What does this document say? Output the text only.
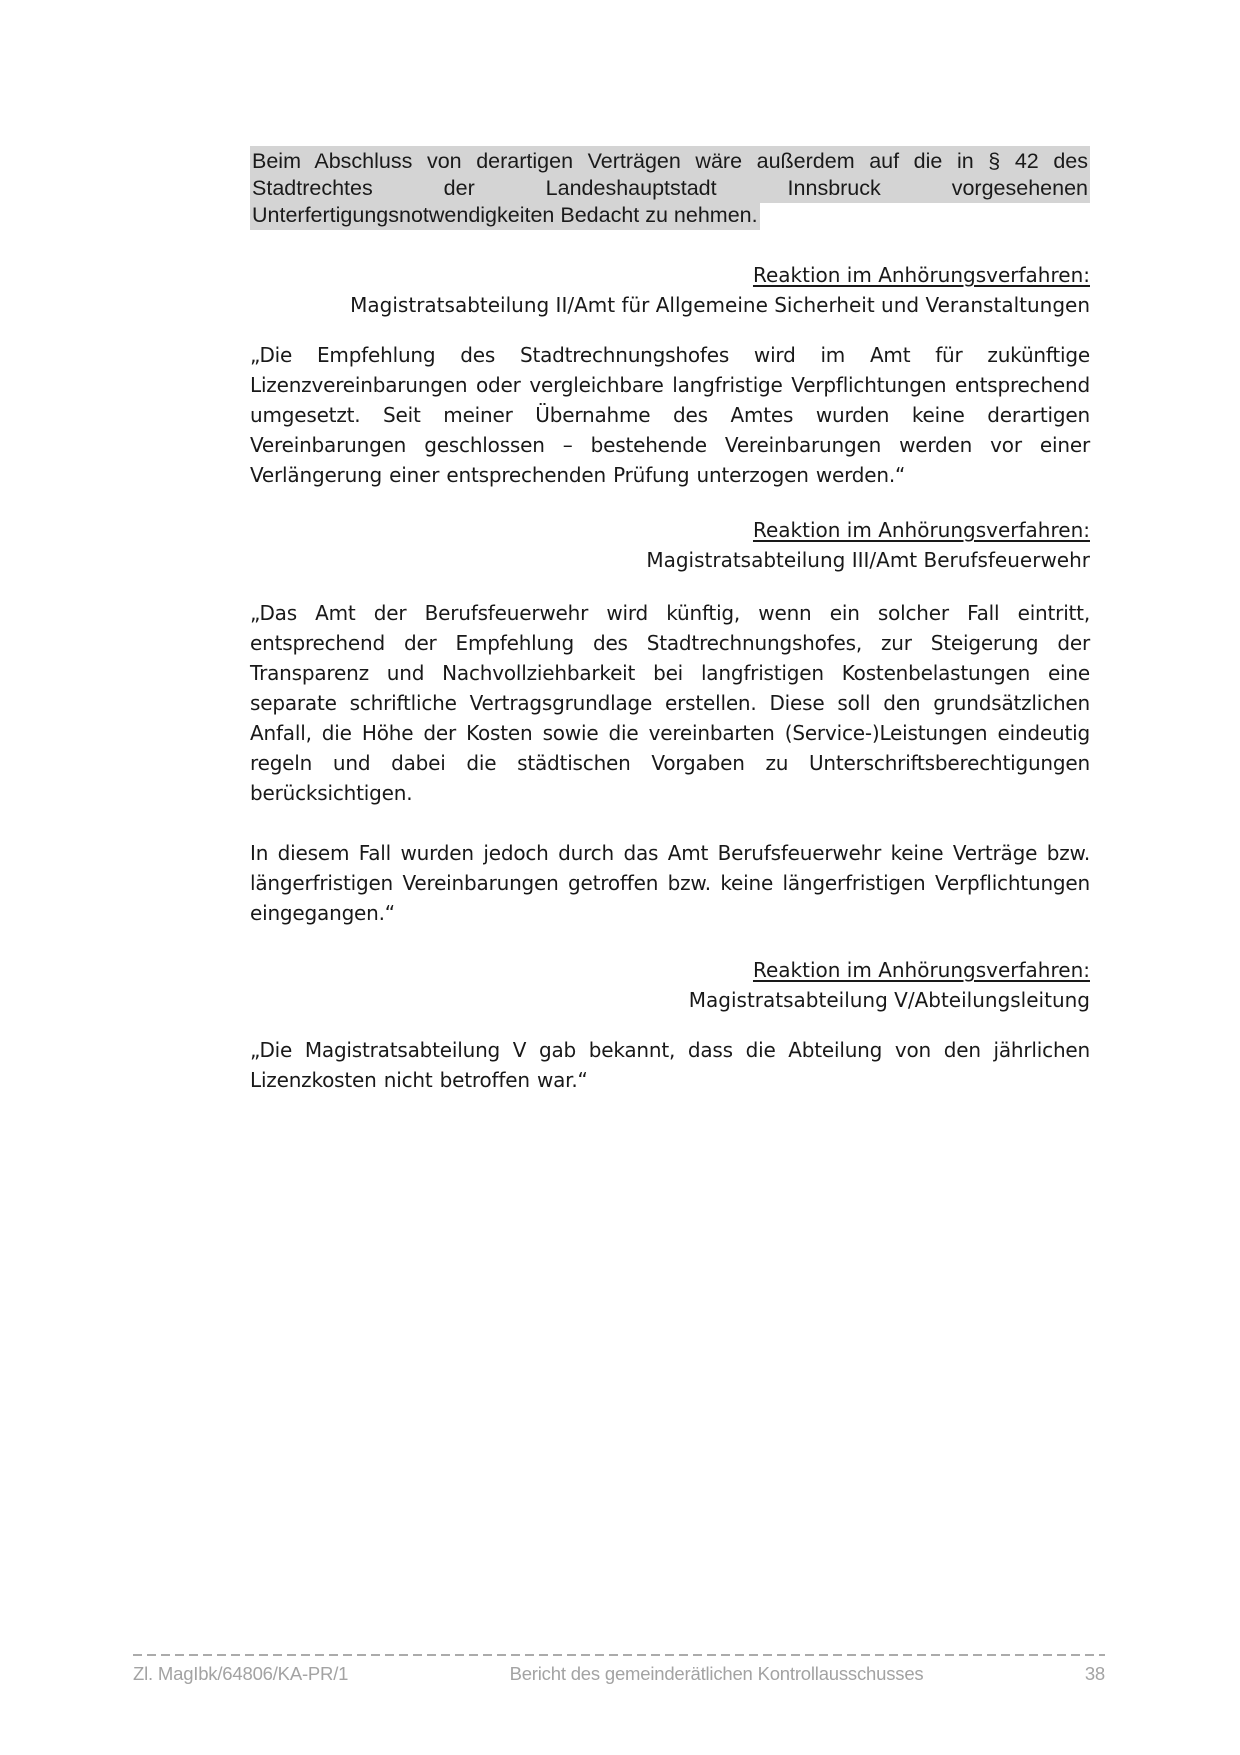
Beim Abschluss von derartigen Verträgen wäre außerdem auf die in § 42 des Stadtrechtes der Landeshauptstadt Innsbruck vorgesehenen Unterfertigungsnotwendigkeiten Bedacht zu nehmen.

Reaktion im Anhörungsverfahren:
Magistratsabteilung II/Amt für Allgemeine Sicherheit und Veranstaltungen

„Die Empfehlung des Stadtrechnungshofes wird im Amt für zukünftige Lizenzvereinbarungen oder vergleichbare langfristige Verpflichtungen entsprechend umgesetzt. Seit meiner Übernahme des Amtes wurden keine derartigen Vereinbarungen geschlossen – bestehende Vereinbarungen werden vor einer Verlängerung einer entsprechenden Prüfung unterzogen werden.“

Reaktion im Anhörungsverfahren:
Magistratsabteilung III/Amt Berufsfeuerwehr

„Das Amt der Berufsfeuerwehr wird künftig, wenn ein solcher Fall eintritt, entsprechend der Empfehlung des Stadtrechnungshofes, zur Steigerung der Transparenz und Nachvollziehbarkeit bei langfristigen Kostenbelastungen eine separate schriftliche Vertragsgrundlage erstellen. Diese soll den grundsätzlichen Anfall, die Höhe der Kosten sowie die vereinbarten (Service-)Leistungen eindeutig regeln und dabei die städtischen Vorgaben zu Unterschriftsberechtigungen berücksichtigen.

In diesem Fall wurden jedoch durch das Amt Berufsfeuerwehr keine Verträge bzw. längerfristigen Vereinbarungen getroffen bzw. keine längerfristigen Verpflichtungen eingegangen.“

Reaktion im Anhörungsverfahren:
Magistratsabteilung V/Abteilungsleitung

„Die Magistratsabteilung V gab bekannt, dass die Abteilung von den jährlichen Lizenzkosten nicht betroffen war.“

Zl. MagIbk/64806/KA-PR/1	Bericht des gemeinderätlichen Kontrollausschusses	38
